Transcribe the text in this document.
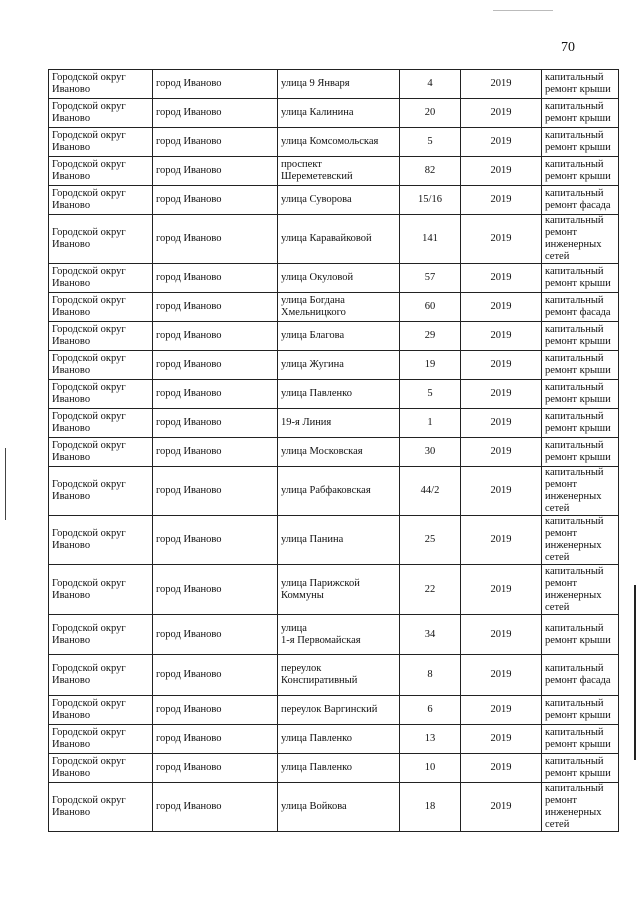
70
Городской округ Иваново	город Иваново	улица 9 Января	4	2019	капитальный ремонт крыши
Городской округ Иваново	город Иваново	улица Калинина	20	2019	капитальный ремонт крыши
Городской округ Иваново	город Иваново	улица Комсомольская	5	2019	капитальный ремонт крыши
Городской округ Иваново	город Иваново	проспект Шереметевский	82	2019	капитальный ремонт крыши
Городской округ Иваново	город Иваново	улица Суворова	15/16	2019	капитальный ремонт фасада
Городской округ Иваново	город Иваново	улица Каравайковой	141	2019	капитальный ремонт инженерных сетей
Городской округ Иваново	город Иваново	улица Окуловой	57	2019	капитальный ремонт крыши
Городской округ Иваново	город Иваново	улица Богдана Хмельницкого	60	2019	капитальный ремонт фасада
Городской округ Иваново	город Иваново	улица Благова	29	2019	капитальный ремонт крыши
Городской округ Иваново	город Иваново	улица Жугина	19	2019	капитальный ремонт крыши
Городской округ Иваново	город Иваново	улица Павленко	5	2019	капитальный ремонт крыши
Городской округ Иваново	город Иваново	19-я Линия	1	2019	капитальный ремонт крыши
Городской округ Иваново	город Иваново	улица Московская	30	2019	капитальный ремонт крыши
Городской округ Иваново	город Иваново	улица Рабфаковская	44/2	2019	капитальный ремонт инженерных сетей
Городской округ Иваново	город Иваново	улица Панина	25	2019	капитальный ремонт инженерных сетей
Городской округ Иваново	город Иваново	улица Парижской Коммуны	22	2019	капитальный ремонт инженерных сетей
Городской округ Иваново	город Иваново	улица
1-я Первомайская	34	2019	капитальный ремонт крыши
Городской округ Иваново	город Иваново	переулок Конспиративный	8	2019	капитальный ремонт фасада
Городской округ Иваново	город Иваново	переулок Варгинский	6	2019	капитальный ремонт крыши
Городской округ Иваново	город Иваново	улица Павленко	13	2019	капитальный ремонт крыши
Городской округ Иваново	город Иваново	улица Павленко	10	2019	капитальный ремонт крыши
Городской округ Иваново	город Иваново	улица Войкова	18	2019	капитальный ремонт инженерных сетей
